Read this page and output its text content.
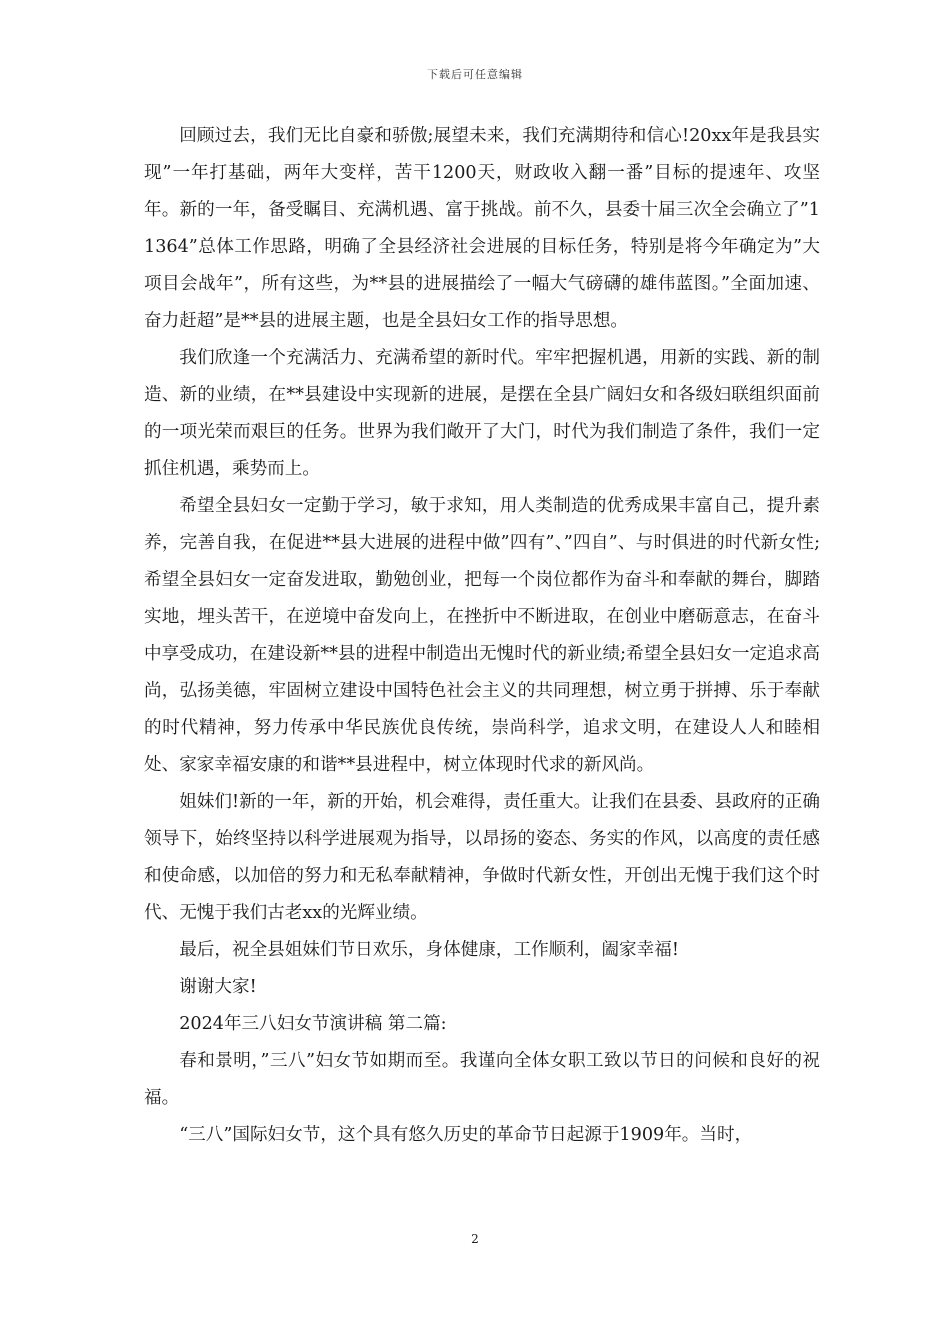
下载后可任意编辑

回顾过去，我们无比自豪和骄傲;展望未来，我们充满期待和信心!20xx年是我县实现”一年打基础，两年大变样，苦干1200天，财政收入翻一番”目标的提速年、攻坚年。新的一年，备受瞩目、充满机遇、富于挑战。前不久，县委十届三次全会确立了”11364”总体工作思路，明确了全县经济社会进展的目标任务，特别是将今年确定为”大项目会战年”，所有这些，为**县的进展描绘了一幅大气磅礴的雄伟蓝图。”全面加速、奋力赶超”是**县的进展主题，也是全县妇女工作的指导思想。

我们欣逢一个充满活力、充满希望的新时代。牢牢把握机遇，用新的实践、新的制造、新的业绩，在**县建设中实现新的进展，是摆在全县广阔妇女和各级妇联组织面前的一项光荣而艰巨的任务。世界为我们敞开了大门，时代为我们制造了条件，我们一定抓住机遇，乘势而上。

希望全县妇女一定勤于学习，敏于求知，用人类制造的优秀成果丰富自己，提升素养，完善自我，在促进**县大进展的进程中做”四有”、”四自”、与时俱进的时代新女性;希望全县妇女一定奋发进取，勤勉创业，把每一个岗位都作为奋斗和奉献的舞台，脚踏实地，埋头苦干，在逆境中奋发向上，在挫折中不断进取，在创业中磨砺意志，在奋斗中享受成功，在建设新**县的进程中制造出无愧时代的新业绩;希望全县妇女一定追求高尚，弘扬美德，牢固树立建设中国特色社会主义的共同理想，树立勇于拼搏、乐于奉献的时代精神，努力传承中华民族优良传统，崇尚科学，追求文明，在建设人人和睦相处、家家幸福安康的和谐**县进程中，树立体现时代求的新风尚。

姐妹们!新的一年，新的开始，机会难得，责任重大。让我们在县委、县政府的正确领导下，始终坚持以科学进展观为指导，以昂扬的姿态、务实的作风，以高度的责任感和使命感，以加倍的努力和无私奉献精神，争做时代新女性，开创出无愧于我们这个时代、无愧于我们古老xx的光辉业绩。

最后，祝全县姐妹们节日欢乐，身体健康，工作顺利，阖家幸福!

谢谢大家!

2024年三八妇女节演讲稿 第二篇:

春和景明，”三八”妇女节如期而至。我谨向全体女职工致以节日的问候和良好的祝福。

“三八”国际妇女节，这个具有悠久历史的革命节日起源于1909年。当时，

2
